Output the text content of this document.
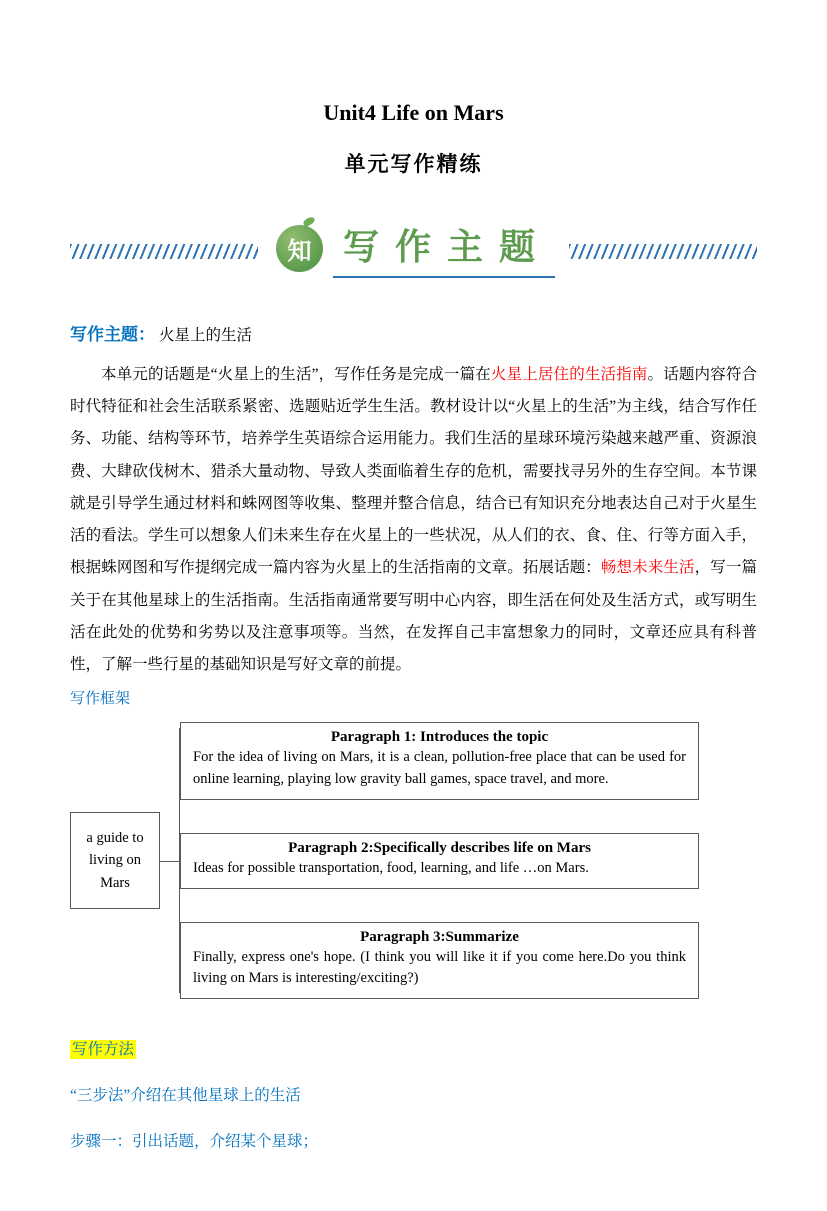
Unit4 Life on Mars
单元写作精练
知 写作主题

写作主题： 火星上的生活

本单元的话题是“火星上的生活”，写作任务是完成一篇在火星上居住的生活指南。话题内容符合时代特征和社会生活联系紧密、选题贴近学生生活。教材设计以“火星上的生活”为主线，结合写作任务、功能、结构等环节，培养学生英语综合运用能力。我们生活的星球环境污染越来越严重、资源浪费、大肆砍伐树木、猎杀大量动物、导致人类面临着生存的危机，需要找寻另外的生存空间。本节课就是引导学生通过材料和蛛网图等收集、整理并整合信息，结合已有知识充分地表达自己对于火星生活的看法。学生可以想象人们未来生存在火星上的一些状况，从人们的衣、食、住、行等方面入手，根据蛛网图和写作提纲完成一篇内容为火星上的生活指南的文章。拓展话题：畅想未来生活，写一篇关于在其他星球上的生活指南。生活指南通常要写明中心内容，即生活在何处及生活方式，或写明生活在此处的优势和劣势以及注意事项等。当然，在发挥自己丰富想象力的同时，文章还应具有科普性，了解一些行星的基础知识是写好文章的前提。

写作框架

a guide to living on Mars
Paragraph 1: Introduces the topic
For the idea of living on Mars, it is a clean, pollution-free place that can be used for online learning, playing low gravity ball games, space travel, and more.
Paragraph 2:Specifically describes life on Mars
Ideas for possible transportation, food, learning, and life …on Mars.
Paragraph 3:Summarize
Finally, express one's hope. (I think you will like it if you come here.Do you think living on Mars is interesting/exciting?)

写作方法

“三步法”介绍在其他星球上的生活

步骤一：引出话题，介绍某个星球；
